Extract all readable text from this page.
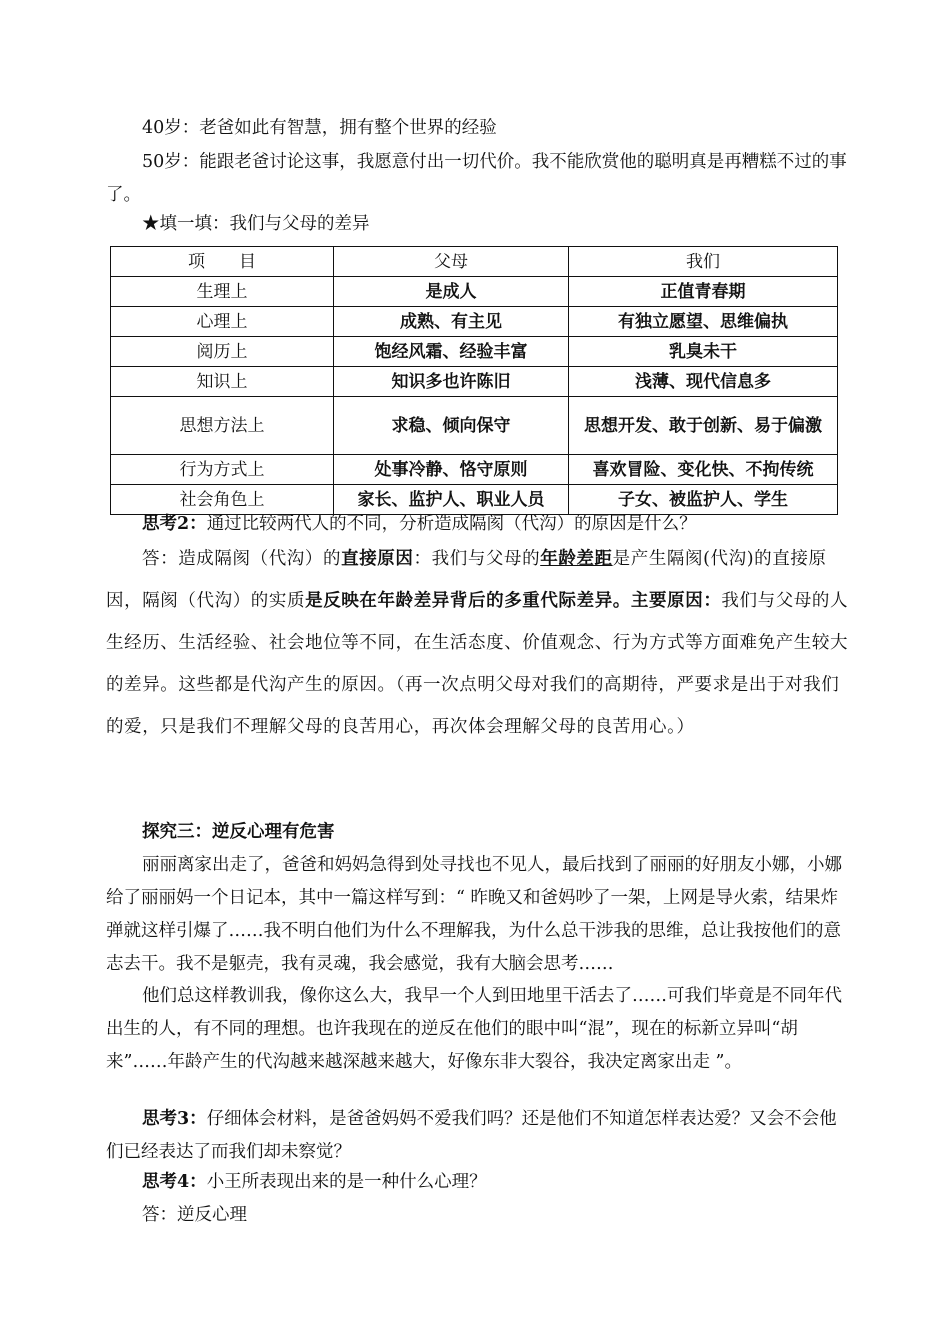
40岁：老爸如此有智慧，拥有整个世界的经验

50岁：能跟老爸讨论这事，我愿意付出一切代价。我不能欣赏他的聪明真是再糟糕不过的事了。

★填一填：我们与父母的差异

项　　目	父母	我们
生理上	是成人	正值青春期
心理上	成熟、有主见	有独立愿望、思维偏执
阅历上	饱经风霜、经验丰富	乳臭未干
知识上	知识多也许陈旧	浅薄、现代信息多
思想方法上	求稳、倾向保守	思想开发、敢于创新、易于偏激
行为方式上	处事冷静、恪守原则	喜欢冒险、变化快、不拘传统
社会角色上	家长、监护人、职业人员	子女、被监护人、学生

思考2：通过比较两代人的不同，分析造成隔阂（代沟）的原因是什么？

答：造成隔阂（代沟）的直接原因：我们与父母的年龄差距是产生隔阂(代沟)的直接原因，隔阂（代沟）的实质是反映在年龄差异背后的多重代际差异。主要原因：我们与父母的人生经历、生活经验、社会地位等不同，在生活态度、价值观念、行为方式等方面难免产生较大的差异。这些都是代沟产生的原因。（再一次点明父母对我们的高期待，严要求是出于对我们的爱，只是我们不理解父母的良苦用心，再次体会理解父母的良苦用心。）

探究三：逆反心理有危害

丽丽离家出走了，爸爸和妈妈急得到处寻找也不见人，最后找到了丽丽的好朋友小娜，小娜给了丽丽妈一个日记本，其中一篇这样写到：“ 昨晚又和爸妈吵了一架，上网是导火索，结果炸弹就这样引爆了……我不明白他们为什么不理解我，为什么总干涉我的思维，总让我按他们的意志去干。我不是躯壳，我有灵魂，我会感觉，我有大脑会思考……

他们总这样教训我，像你这么大，我早一个人到田地里干活去了……可我们毕竟是不同年代出生的人，有不同的理想。也许我现在的逆反在他们的眼中叫“混”，现在的标新立异叫“胡来”……年龄产生的代沟越来越深越来越大，好像东非大裂谷，我决定离家出走 ”。

思考3：仔细体会材料，是爸爸妈妈不爱我们吗？还是他们不知道怎样表达爱？又会不会他们已经表达了而我们却未察觉？

思考4：小王所表现出来的是一种什么心理？

答：逆反心理
